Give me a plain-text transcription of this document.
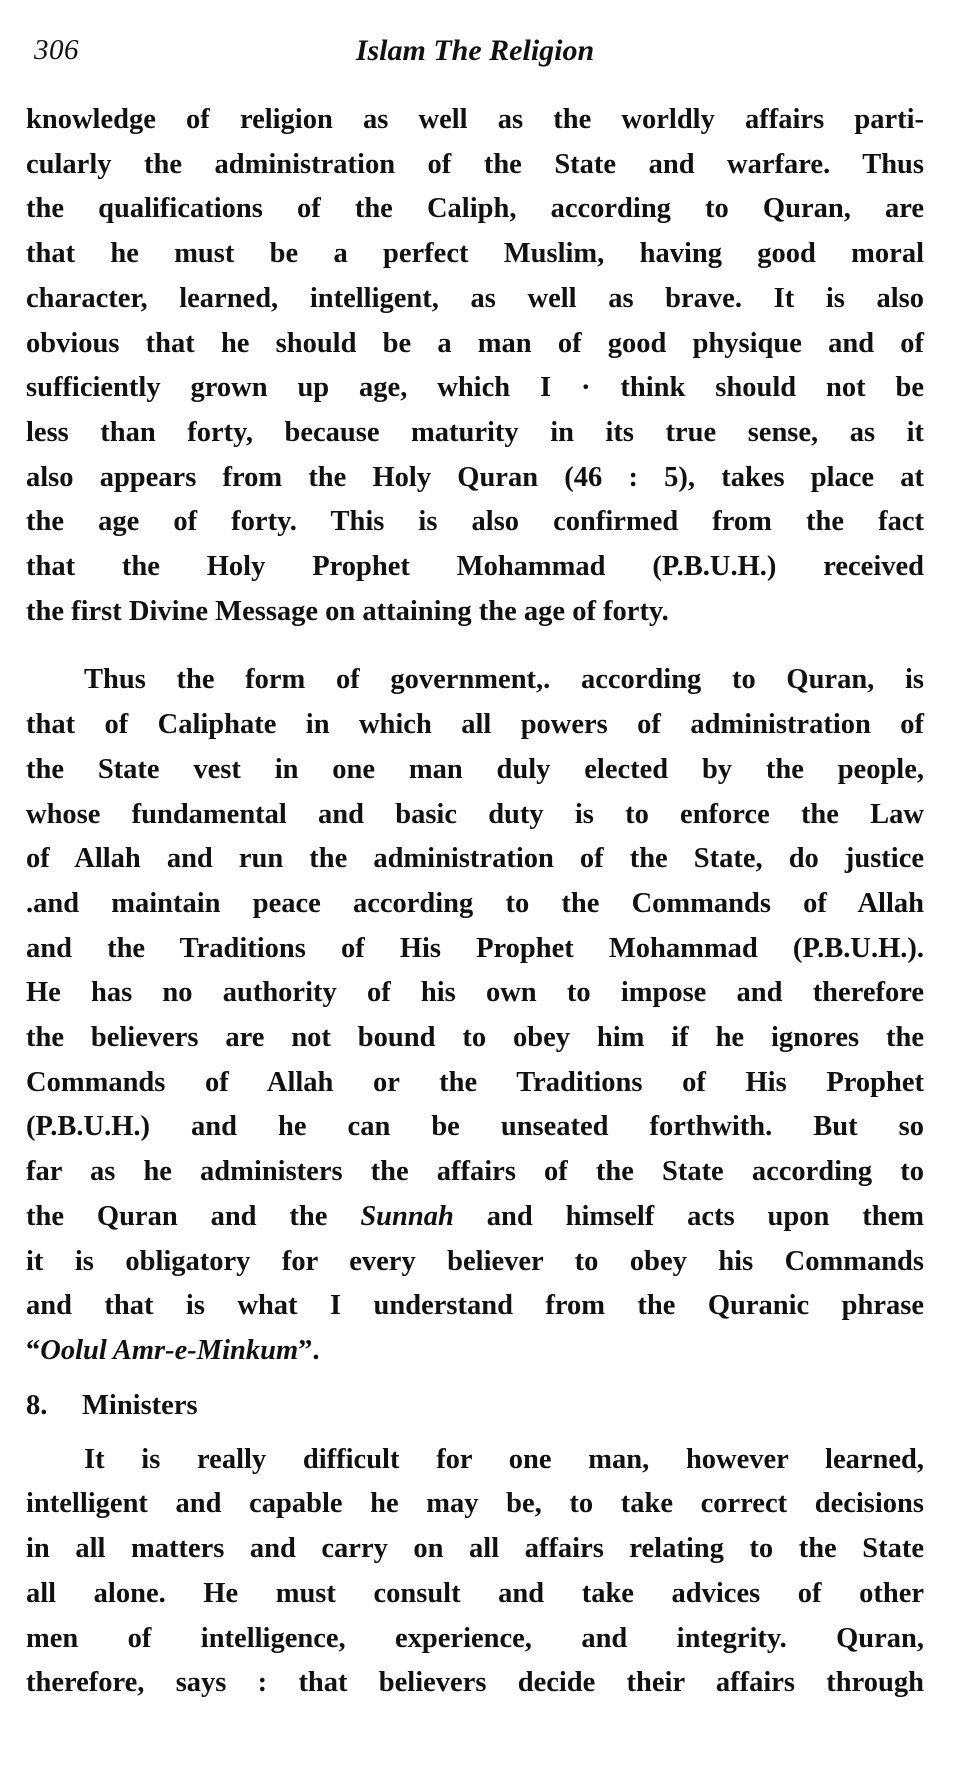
306	Islam The Religion
knowledge of religion as well as the worldly affairs parti-
cularly the administration of the State and warfare. Thus
the qualifications of the Caliph, according to Quran, are
that he must be a perfect Muslim, having good moral
character, learned, intelligent, as well as brave. It is also
obvious that he should be a man of good physique and of
sufficiently grown up age, which I · think should not be
less than forty, because maturity in its true sense, as it
also appears from the Holy Quran (46 : 5), takes place at
the age of forty. This is also confirmed from the fact
that the Holy Prophet Mohammad (P.B.U.H.) received
the first Divine Message on attaining the age of forty.
Thus the form of government,. according to Quran, is
that of Caliphate in which all powers of administration of
the State vest in one man duly elected by the people,
whose fundamental and basic duty is to enforce the Law
of Allah and run the administration of the State, do justice
.and maintain peace according to the Commands of Allah
and the Traditions of His Prophet Mohammad (P.B.U.H.).
He has no authority of his own to impose and therefore
the believers are not bound to obey him if he ignores the
Commands of Allah or the Traditions of His Prophet
(P.B.U.H.) and he can be unseated forthwith. But so
far as he administers the affairs of the State according to
the Quran and the Sunnah and himself acts upon them
it is obligatory for every believer to obey his Commands
and that is what I understand from the Quranic phrase
“Oolul Amr-e-Minkum”.
8. Ministers
It is really difficult for one man, however learned,
intelligent and capable he may be, to take correct decisions
in all matters and carry on all affairs relating to the State
all alone. He must consult and take advices of other
men of intelligence, experience, and integrity. Quran,
therefore, says : that believers decide their affairs through
